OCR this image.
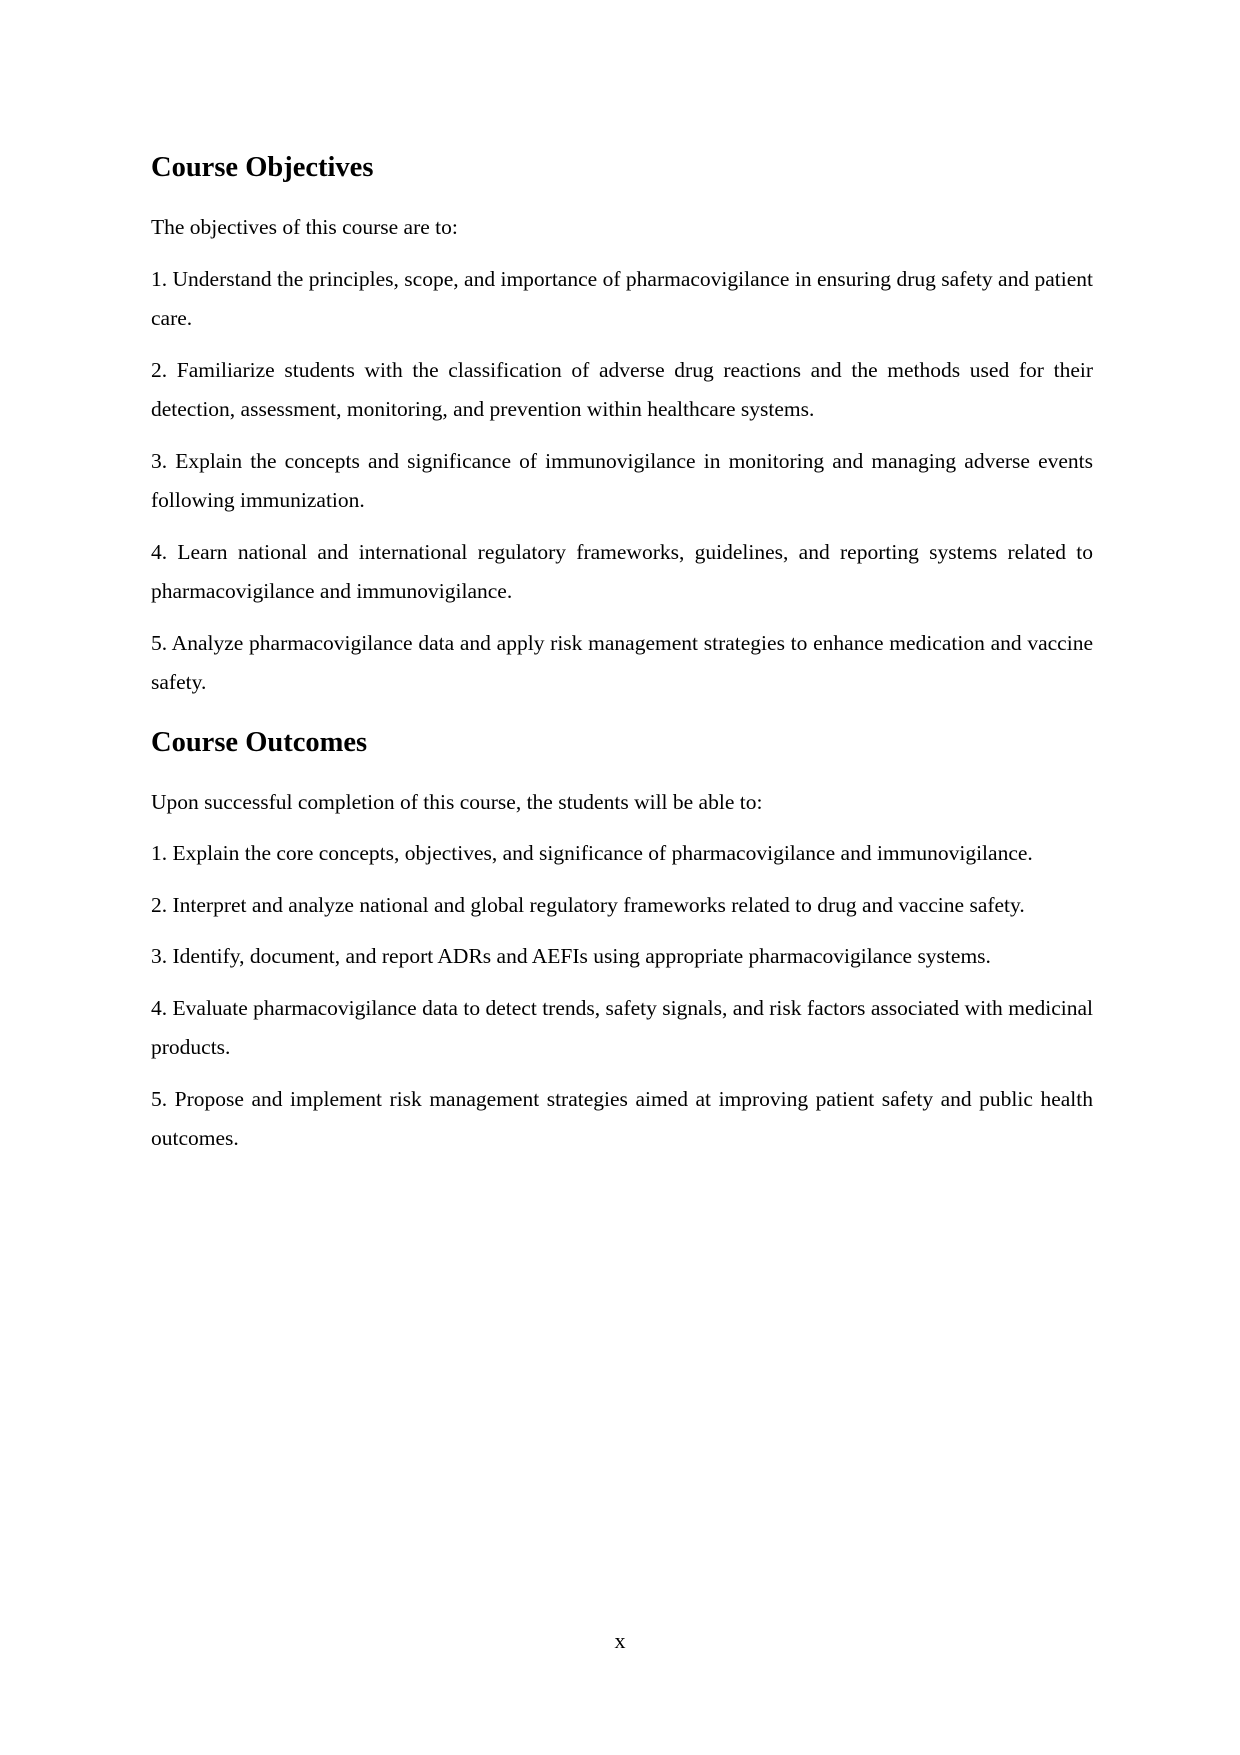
Course Objectives

The objectives of this course are to:

1. Understand the principles, scope, and importance of pharmacovigilance in ensuring drug safety and patient care.

2. Familiarize students with the classification of adverse drug reactions and the methods used for their detection, assessment, monitoring, and prevention within healthcare systems.

3. Explain the concepts and significance of immunovigilance in monitoring and managing adverse events following immunization.

4. Learn national and international regulatory frameworks, guidelines, and reporting systems related to pharmacovigilance and immunovigilance.

5. Analyze pharmacovigilance data and apply risk management strategies to enhance medication and vaccine safety.

Course Outcomes

Upon successful completion of this course, the students will be able to:

1. Explain the core concepts, objectives, and significance of pharmacovigilance and immunovigilance.

2. Interpret and analyze national and global regulatory frameworks related to drug and vaccine safety.

3. Identify, document, and report ADRs and AEFIs using appropriate pharmacovigilance systems.

4. Evaluate pharmacovigilance data to detect trends, safety signals, and risk factors associated with medicinal products.

5. Propose and implement risk management strategies aimed at improving patient safety and public health outcomes.

x
